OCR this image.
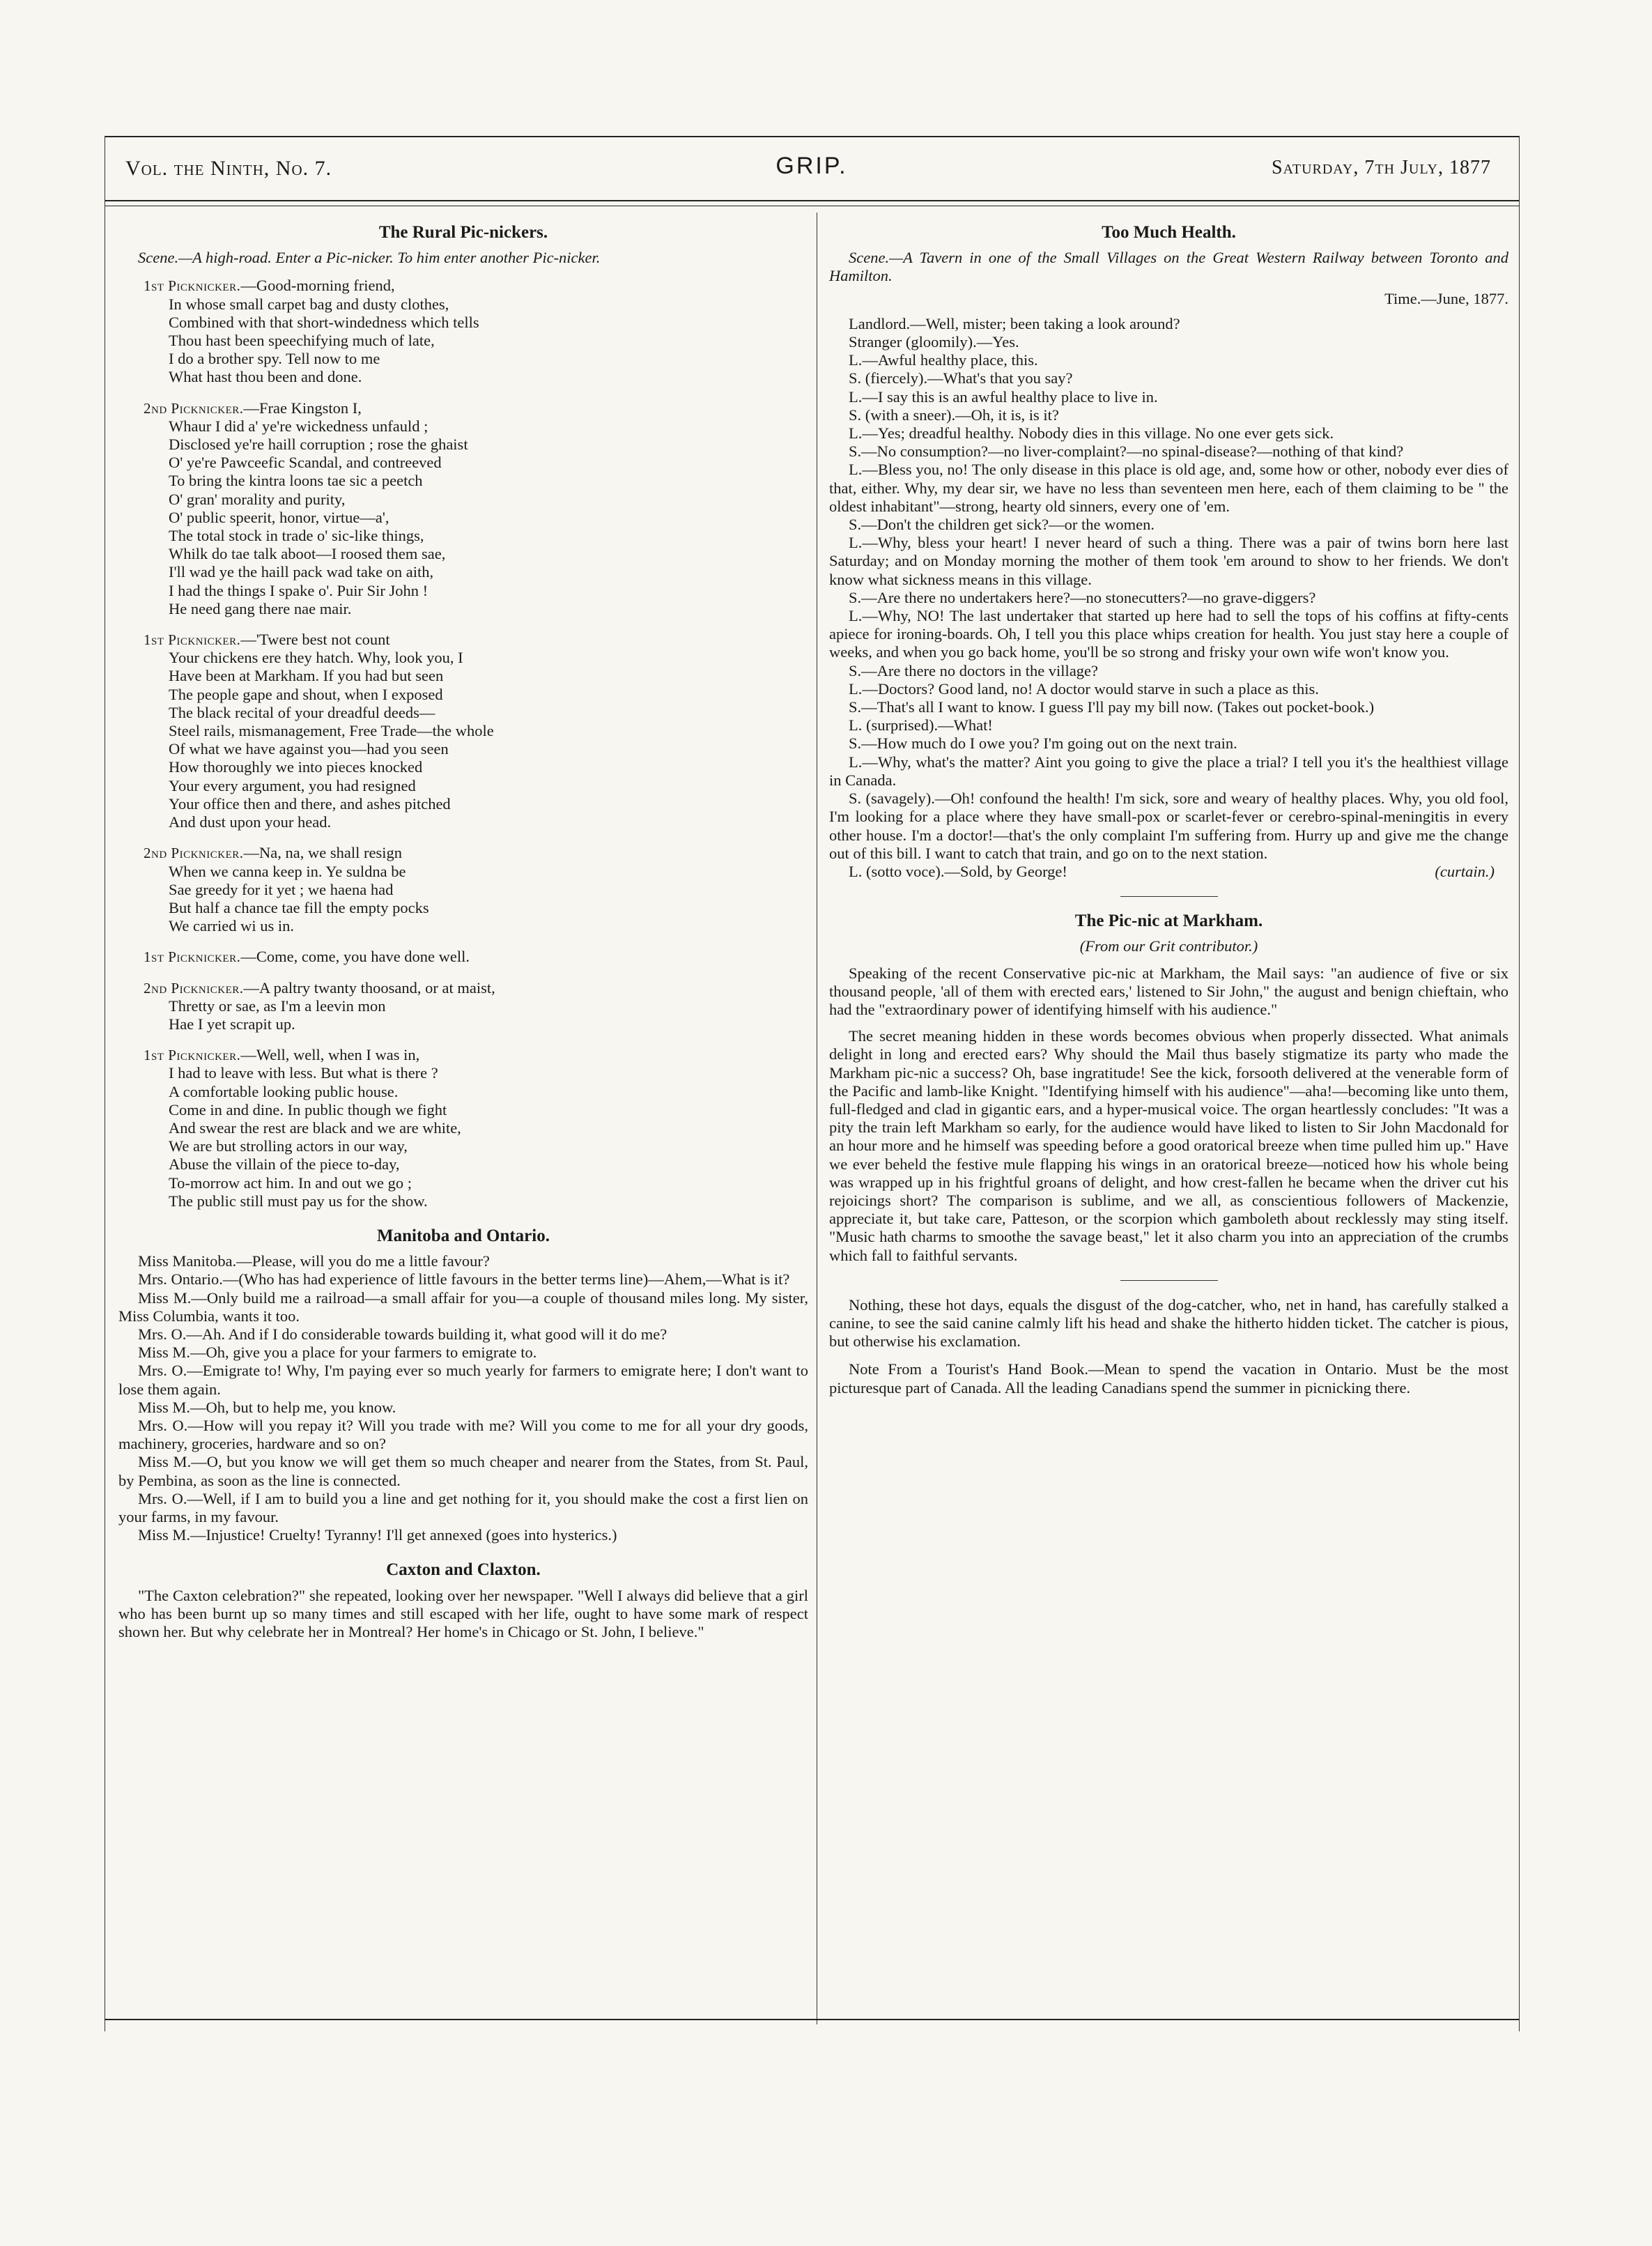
Vol. the Ninth, No. 7.	GRIP.	Saturday, 7th July, 1877
The Rural Pic-nickers.

Scene.—A high-road. Enter a Pic-nicker. To him enter another Pic-nicker.

1st Picknicker.—Good-morning friend,
In whose small carpet bag and dusty clothes,
Combined with that short-windedness which tells
Thou hast been speechifying much of late,
I do a brother spy. Tell now to me
What hast thou been and done.
2nd Picknicker.—Frae Kingston I,
Whaur I did a' ye're wickedness unfauld ;
Disclosed ye're haill corruption ; rose the ghaist
O' ye're Pawceefic Scandal, and contreeved
To bring the kintra loons tae sic a peetch
O' gran' morality and purity,
O' public speerit, honor, virtue—a',
The total stock in trade o' sic-like things,
Whilk do tae talk aboot—I roosed them sae,
I'll wad ye the haill pack wad take on aith,
I had the things I spake o'. Puir Sir John !
He need gang there nae mair.
1st Picknicker.—'Twere best not count
Your chickens ere they hatch. Why, look you, I
Have been at Markham. If you had but seen
The people gape and shout, when I exposed
The black recital of your dreadful deeds—
Steel rails, mismanagement, Free Trade—the whole
Of what we have against you—had you seen
How thoroughly we into pieces knocked
Your every argument, you had resigned
Your office then and there, and ashes pitched
And dust upon your head.
2nd Picknicker.—Na, na, we shall resign
When we canna keep in. Ye suldna be
Sae greedy for it yet ; we haena had
But half a chance tae fill the empty pocks
We carried wi us in.
1st Picknicker.—Come, come, you have done well.
2nd Picknicker.—A paltry twanty thoosand, or at maist,
Thretty or sae, as I'm a leevin mon
Hae I yet scrapit up.
1st Picknicker.—Well, well, when I was in,
I had to leave with less. But what is there ?
A comfortable looking public house.
Come in and dine. In public though we fight
And swear the rest are black and we are white,
We are but strolling actors in our way,
Abuse the villain of the piece to-day,
To-morrow act him. In and out we go ;
The public still must pay us for the show.
Manitoba and Ontario.

Miss Manitoba.—Please, will you do me a little favour?

Mrs. Ontario.—(Who has had experience of little favours in the better terms line)—Ahem,—What is it?

Miss M.—Only build me a railroad—a small affair for you—a couple of thousand miles long. My sister, Miss Columbia, wants it too.

Mrs. O.—Ah. And if I do considerable towards building it, what good will it do me?

Miss M.—Oh, give you a place for your farmers to emigrate to.

Mrs. O.—Emigrate to! Why, I'm paying ever so much yearly for farmers to emigrate here; I don't want to lose them again.

Miss M.—Oh, but to help me, you know.

Mrs. O.—How will you repay it? Will you trade with me? Will you come to me for all your dry goods, machinery, groceries, hardware and so on?

Miss M.—O, but you know we will get them so much cheaper and nearer from the States, from St. Paul, by Pembina, as soon as the line is connected.

Mrs. O.—Well, if I am to build you a line and get nothing for it, you should make the cost a first lien on your farms, in my favour.

Miss M.—Injustice! Cruelty! Tyranny! I'll get annexed (goes into hysterics.)

Caxton and Claxton.

"The Caxton celebration?" she repeated, looking over her newspaper. "Well I always did believe that a girl who has been burnt up so many times and still escaped with her life, ought to have some mark of respect shown her. But why celebrate her in Montreal? Her home's in Chicago or St. John, I believe."

Too Much Health.

Scene.—A Tavern in one of the Small Villages on the Great Western Railway between Toronto and Hamilton.

Time.—June, 1877.

Landlord.—Well, mister; been taking a look around?

Stranger (gloomily).—Yes.

L.—Awful healthy place, this.

S. (fiercely).—What's that you say?

L.—I say this is an awful healthy place to live in.

S. (with a sneer).—Oh, it is, is it?

L.—Yes; dreadful healthy. Nobody dies in this village. No one ever gets sick.

S.—No consumption?—no liver-complaint?—no spinal-disease?—nothing of that kind?

L.—Bless you, no! The only disease in this place is old age, and, some how or other, nobody ever dies of that, either. Why, my dear sir, we have no less than seventeen men here, each of them claiming to be " the oldest inhabitant"—strong, hearty old sinners, every one of 'em.

S.—Don't the children get sick?—or the women.

L.—Why, bless your heart! I never heard of such a thing. There was a pair of twins born here last Saturday; and on Monday morning the mother of them took 'em around to show to her friends. We don't know what sickness means in this village.

S.—Are there no undertakers here?—no stonecutters?—no grave-diggers?

L.—Why, NO! The last undertaker that started up here had to sell the tops of his coffins at fifty-cents apiece for ironing-boards. Oh, I tell you this place whips creation for health. You just stay here a couple of weeks, and when you go back home, you'll be so strong and frisky your own wife won't know you.

S.—Are there no doctors in the village?

L.—Doctors? Good land, no! A doctor would starve in such a place as this.

S.—That's all I want to know. I guess I'll pay my bill now. (Takes out pocket-book.)

L. (surprised).—What!

S.—How much do I owe you? I'm going out on the next train.

L.—Why, what's the matter? Aint you going to give the place a trial? I tell you it's the healthiest village in Canada.

S. (savagely).—Oh! confound the health! I'm sick, sore and weary of healthy places. Why, you old fool, I'm looking for a place where they have small-pox or scarlet-fever or cerebro-spinal-meningitis in every other house. I'm a doctor!—that's the only complaint I'm suffering from. Hurry up and give me the change out of this bill. I want to catch that train, and go on to the next station.

L. (sotto voce).—Sold, by George!	(curtain.)

The Pic-nic at Markham.

(From our Grit contributor.)

Speaking of the recent Conservative pic-nic at Markham, the Mail says: "an audience of five or six thousand people, 'all of them with erected ears,' listened to Sir John," the august and benign chieftain, who had the "extraordinary power of identifying himself with his audience."

The secret meaning hidden in these words becomes obvious when properly dissected. What animals delight in long and erected ears? Why should the Mail thus basely stigmatize its party who made the Markham pic-nic a success? Oh, base ingratitude! See the kick, forsooth delivered at the venerable form of the Pacific and lamb-like Knight. "Identifying himself with his audience"—aha!—becoming like unto them, full-fledged and clad in gigantic ears, and a hyper-musical voice. The organ heartlessly concludes: "It was a pity the train left Markham so early, for the audience would have liked to listen to Sir John Macdonald for an hour more and he himself was speeding before a good oratorical breeze when time pulled him up." Have we ever beheld the festive mule flapping his wings in an oratorical breeze—noticed how his whole being was wrapped up in his frightful groans of delight, and how crest-fallen he became when the driver cut his rejoicings short? The comparison is sublime, and we all, as conscientious followers of Mackenzie, appreciate it, but take care, Patteson, or the scorpion which gamboleth about recklessly may sting itself. "Music hath charms to smoothe the savage beast," let it also charm you into an appreciation of the crumbs which fall to faithful servants.

Nothing, these hot days, equals the disgust of the dog-catcher, who, net in hand, has carefully stalked a canine, to see the said canine calmly lift his head and shake the hitherto hidden ticket. The catcher is pious, but otherwise his exclamation.

Note From a Tourist's Hand Book.—Mean to spend the vacation in Ontario. Must be the most picturesque part of Canada. All the leading Canadians spend the summer in picnicking there.
